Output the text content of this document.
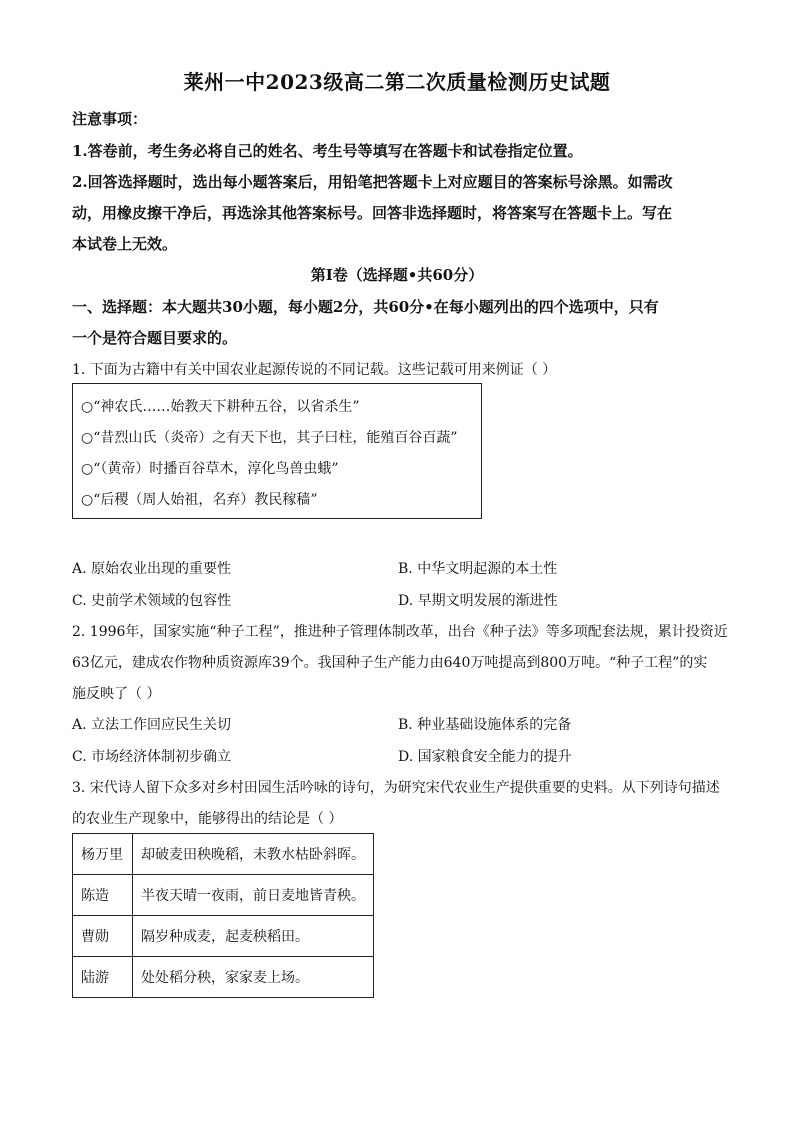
莱州一中2023级高二第二次质量检测历史试题
注意事项：
1.答卷前，考生务必将自己的姓名、考生号等填写在答题卡和试卷指定位置。
2.回答选择题时，选出每小题答案后，用铅笔把答题卡上对应题目的答案标号涂黑。如需改
动，用橡皮擦干净后，再选涂其他答案标号。回答非选择题时，将答案写在答题卡上。写在
本试卷上无效。
第Ⅰ卷（选择题•共60分）
一、选择题：本大题共30小题，每小题2分，共60分•在每小题列出的四个选项中，只有
一个是符合题目要求的。
1. 下面为古籍中有关中国农业起源传说的不同记载。这些记载可用来例证（ ）
○“神农氏……始教天下耕种五谷，以省杀生”
○“昔烈山氏（炎帝）之有天下也，其子曰柱，能殖百谷百蔬”
○“（黄帝）时播百谷草木，淳化鸟兽虫蛾”
○“后稷（周人始祖，名弃）教民稼穑”
A. 原始农业出现的重要性	B. 中华文明起源的本土性
C. 史前学术领域的包容性	D. 早期文明发展的渐进性
2. 1996年，国家实施“种子工程”，推进种子管理体制改革，出台《种子法》等多项配套法规，累计投资近
63亿元，建成农作物种质资源库39个。我国种子生产能力由640万吨提高到800万吨。“种子工程”的实
施反映了（ ）
A. 立法工作回应民生关切	B. 种业基础设施体系的完备
C. 市场经济体制初步确立	D. 国家粮食安全能力的提升
3. 宋代诗人留下众多对乡村田园生活吟咏的诗句，为研究宋代农业生产提供重要的史料。从下列诗句描述
的农业生产现象中，能够得出的结论是（ ）
杨万里	却破麦田秧晚稻，未教水枯卧斜晖。
陈造	半夜天晴一夜雨，前日麦地皆青秧。
曹勋	隔岁种成麦，起麦秧稻田。
陆游	处处稻分秧，家家麦上场。
